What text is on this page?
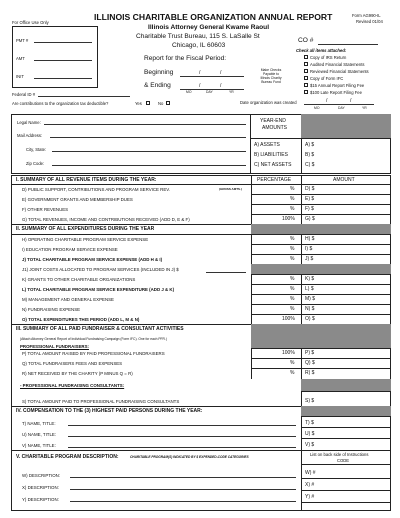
For Office Use Only
PMT #
AMT
INIT
ILLINOIS CHARITABLE ORGANIZATION ANNUAL REPORT	Form AG990-IL
Revised 01/04
Illinois Attorney General Kwame Raoul
Charitable Trust Bureau, 115 S. LaSalle St
Chicago, IL 60603
Report for the Fiscal Period:
Beginning	/	/
& Ending	/	/
MO	DAY	YR
CO #
Make Checks Payable to Illinois Charity Bureau Fund
Check all items attached:
Copy of IRS Return
Audited Financial Statements
Reviewed Financial Statements
Copy of Form IFC
$15 Annual Report Filing Fee
$100 Late Report Filing Fee
Federal ID #
Are contributions to the organization tax deductible?	Yes	No	Date organization was created	/	/
MO	DAY	YR
Legal Name:
Mail Address:
City, State:
Zip Code:
YEAR-END
AMOUNTS
A) ASSETS
B) LIABILITIES
C) NET ASSETS
A) $
B) $
C) $
I. SUMMARY OF ALL REVENUE ITEMS DURING THE YEAR:	PERCENTAGE	AMOUNT
D) PUBLIC SUPPORT, CONTRIBUTIONS AND PROGRAM SERVICE REV.	(GROSS AMTS.)	% D) $
E) GOVERNMENT GRANTS AND MEMBERSHIP DUES	% E) $
F) OTHER REVENUES	% F) $
G) TOTAL REVENUES, INCOME AND CONTRIBUTIONS RECEIVED (ADD D, E & F)	100% G) $
II. SUMMARY OF ALL EXPENDITURES DURING THE YEAR
H) OPERATING CHARITABLE PROGRAM SERVICE EXPENSE	% H) $
I) EDUCATION PROGRAM SERVICE EXPENSE	% I) $
J) TOTAL CHARITABLE PROGRAM SERVICE EXPENSE (ADD H & I)	% J) $
J1) JOINT COSTS ALLOCATED TO PROGRAM SERVICES (INCLUDED IN J) $
K) GRANTS TO OTHER CHARITABLE ORGANIZATIONS	% K) $
L) TOTAL CHARITABLE PROGRAM SERVICE EXPENDITURE (ADD J & K)	% L) $
M) MANAGEMENT AND GENERAL EXPENSE	% M) $
N) FUNDRAISING EXPENSE	% N) $
O) TOTAL EXPENDITURES THIS PERIOD (ADD L, M & N)	100% O) $
III. SUMMARY OF ALL PAID FUNDRAISER & CONSULTANT ACTIVITIES
(Attach Attorney General Report of Individual Fundraising Campaign (Form IFC). One for each PFR.)
PROFESSIONAL FUNDRAISERS:
P) TOTAL AMOUNT RAISED BY PAID PROFESSIONAL FUNDRAISERS	100% P) $
Q) TOTAL FUNDRAISERS FEES AND EXPENSES	% Q) $
R) NET RECEIVED BY THE CHARITY (P MINUS Q = R)	% R) $
- PROFESSIONAL FUNDRAISING CONSULTANTS:
S) TOTAL AMOUNT PAID TO PROFESSIONAL FUNDRAISING CONSULTANTS	S) $
IV. COMPENSATION TO THE (3) HIGHEST PAID PERSONS DURING THE YEAR:
T) NAME, TITLE:	T) $
U) NAME, TITLE:	U) $
V) NAME, TITLE:	V) $
V. CHARITABLE PROGRAM DESCRIPTION:	CHARITABLE PROGRAM(S) INDICATED BY $ EXPENDED-CODE CATEGORIES	List on back side of Instructions
CODE
W) DESCRIPTION:	W) #
X) DESCRIPTION:	X) #
Y) DESCRIPTION:	Y) #
